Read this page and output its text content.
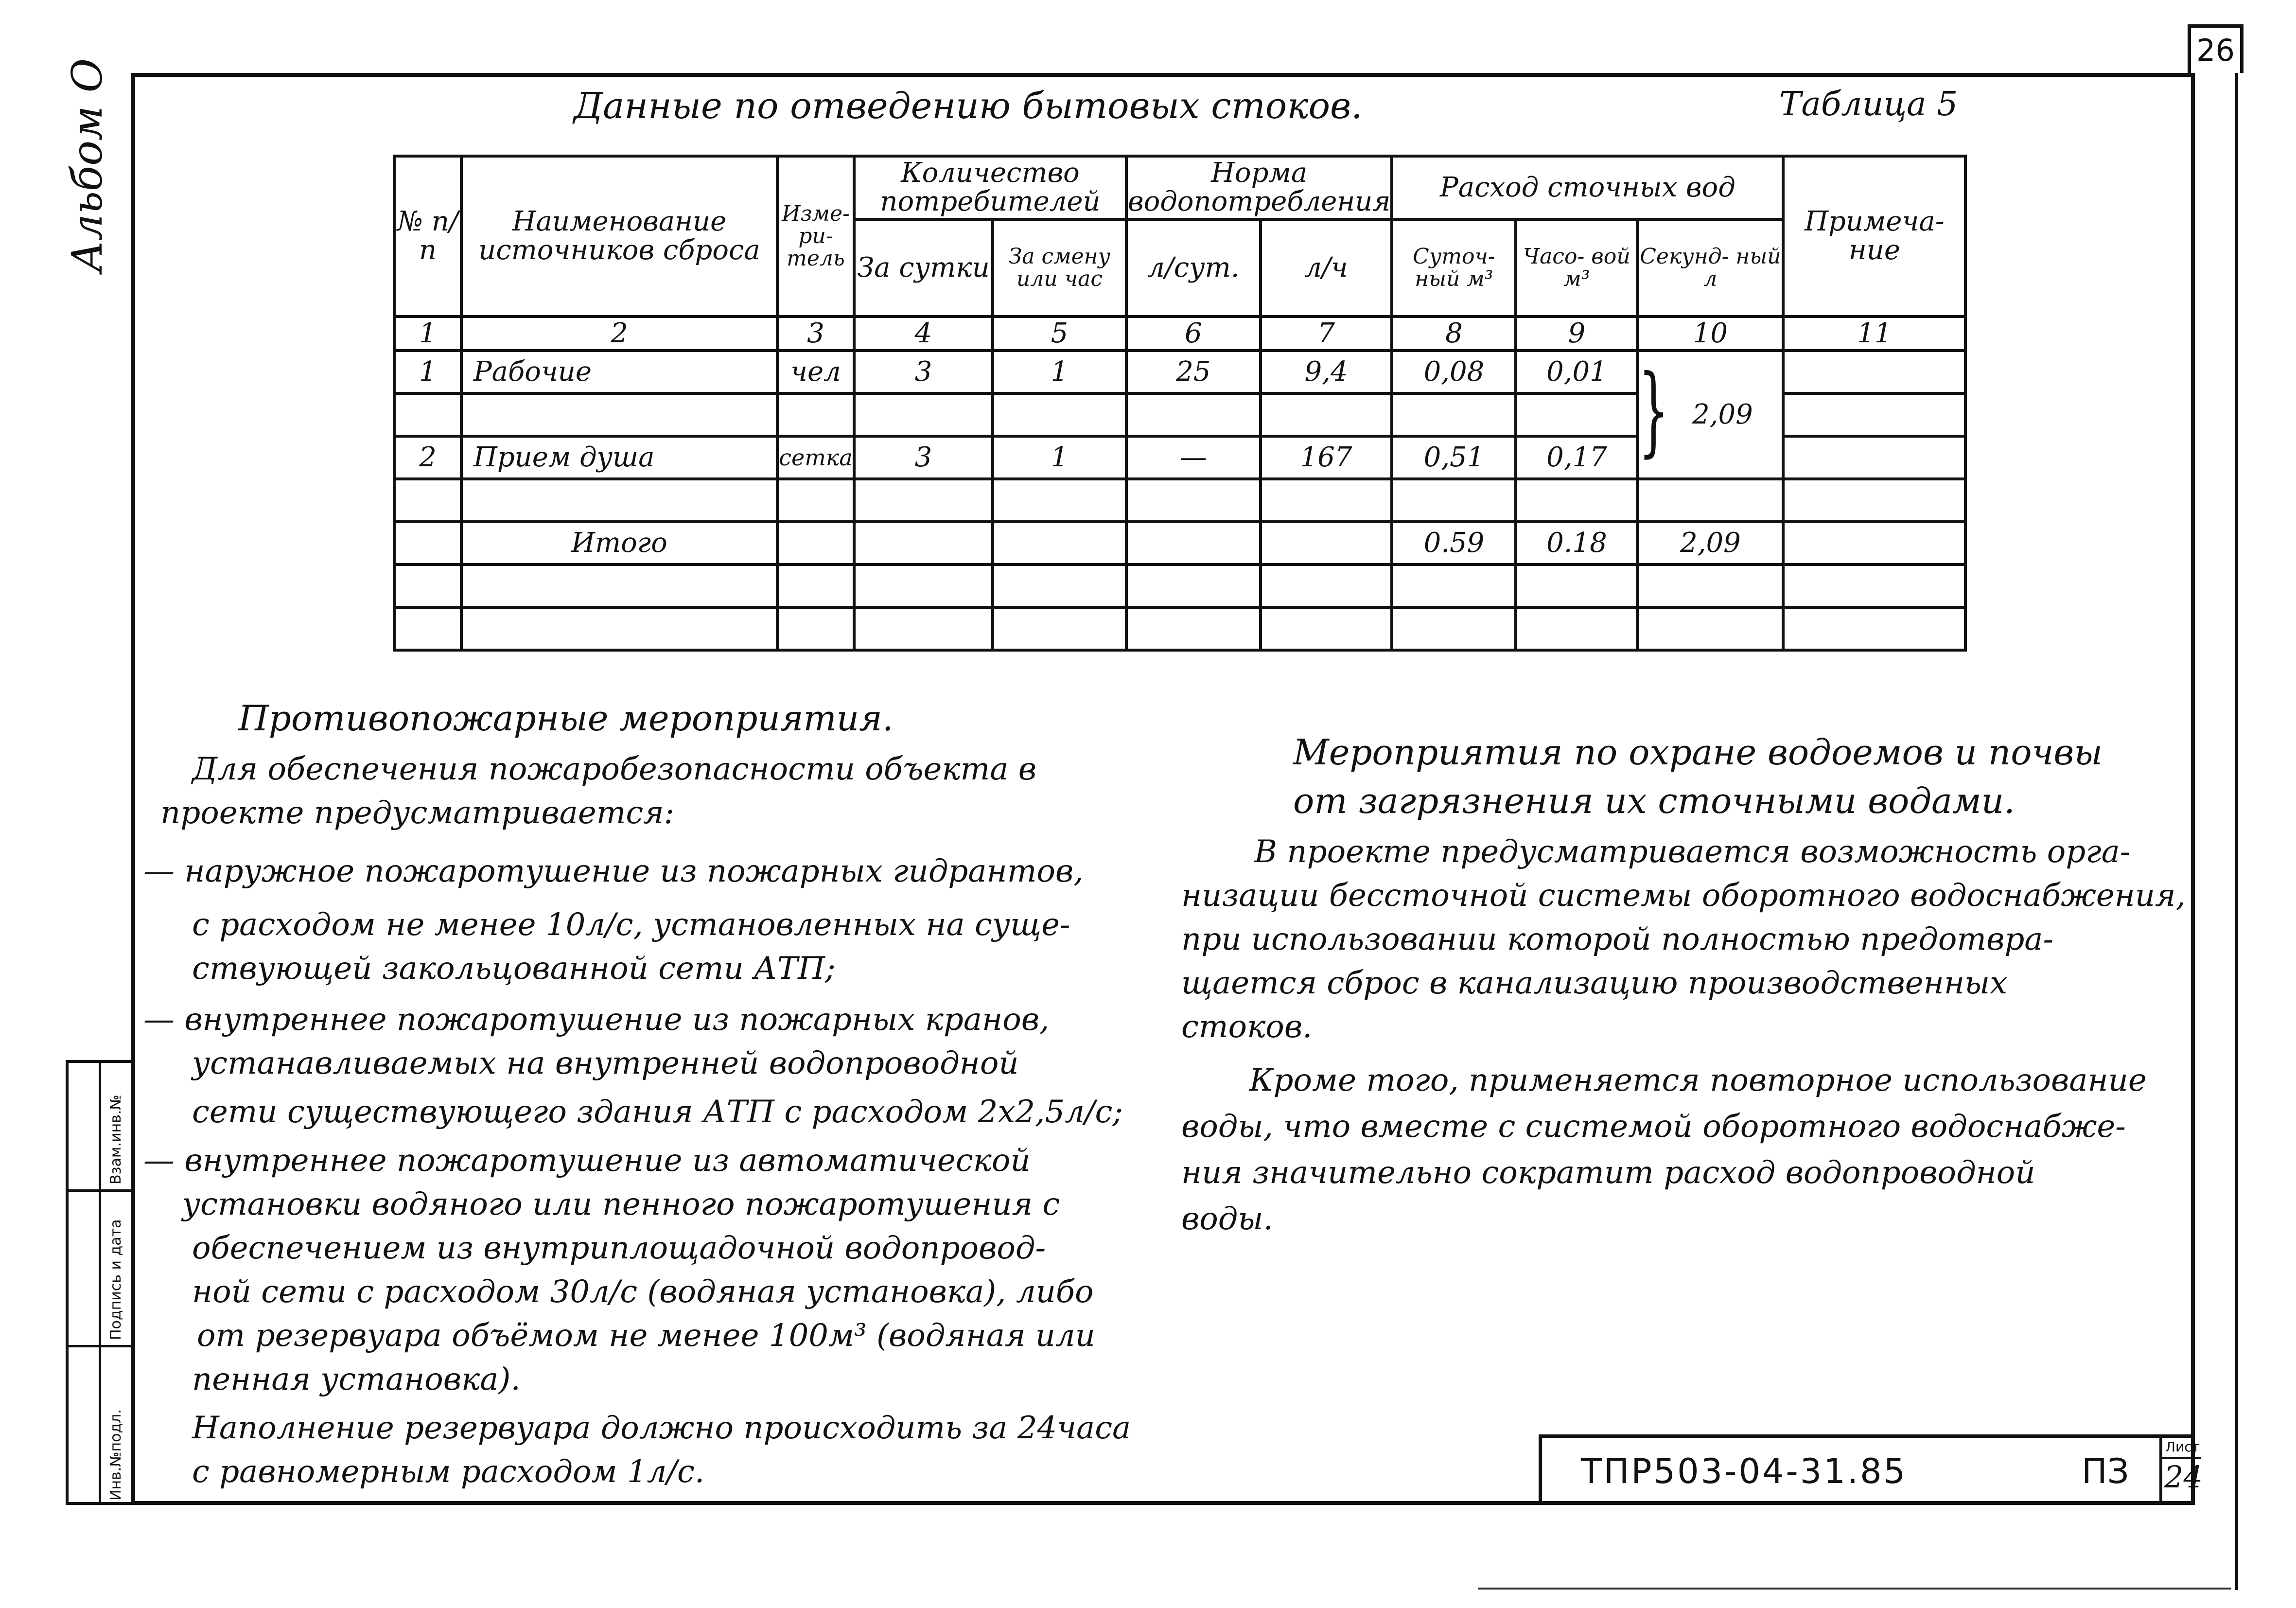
26
Альбом О
Инв.№подл.
Подпись и дата
Взам.инв.№
Данные по отведению бытовых стоков.	Таблица 5
№ п/п	Наименование источников сброса	Изме- ри- тель	Количество потребителей		Норма водопотребления		Расход сточных вод			Примеча- ние
			За сутки	За смену или час	л/сут.	л/ч	Суточ- ный м³	Часо- вой м³	Секунд- ный л	
1	2	3	4	5	6	7	8	9	10	11
1	Рабочие	чел	3	1	25	9,4	0,08	0,01	2,09	

2	Прием душа	сетка	3	1	—	167	0,51	0,17		

	Итого						0.59	0.18	2,09	

}
Противопожарные мероприятия.
Для обеспечения пожаробезопасности объекта в
проекте предусматривается:
— наружное пожаротушение из пожарных гидрантов,
с расходом не менее 10л/с, установленных на суще-
ствующей закольцованной сети АТП;
— внутреннее пожаротушение из пожарных кранов,
устанавливаемых на внутренней водопроводной
сети существующего здания АТП с расходом 2х2,5л/с;
— внутреннее пожаротушение из автоматической
установки водяного или пенного пожаротушения с
обеспечением из внутриплощадочной водопровод-
ной сети с расходом 30л/с (водяная установка), либо
от резервуара объёмом не менее 100м³ (водяная или
пенная установка).
Наполнение резервуара должно происходить за 24часа
с равномерным расходом 1л/с.
Мероприятия по охране водоемов и почвы
от загрязнения их сточными водами.
В проекте предусматривается возможность орга-
низации бессточной системы оборотного водоснабжения,
при использовании которой полностью предотвра-
щается сброс в канализацию производственных
стоков.
Кроме того, применяется повторное использование
воды, что вместе с системой оборотного водоснабже-
ния значительно сократит расход водопроводной
воды.
ТПР503-04-31.85	ПЗ
Лист
24
